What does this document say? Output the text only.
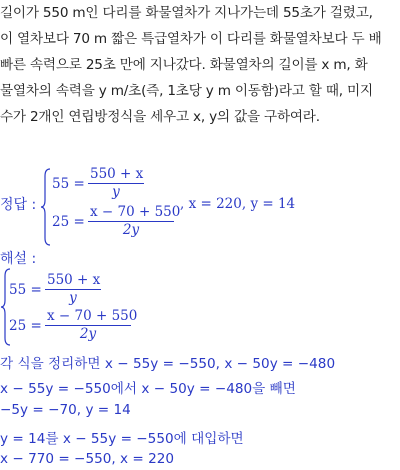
길이가 550 m인 다리를 화물열차가 지나가는데 55초가 걸렸고,
이 열차보다 70 m 짧은 특급열차가 이 다리를 화물열차보다 두 배
빠른 속력으로 25초 만에 지나갔다. 화물열차의 길이를 x m, 화
물열차의 속력을 y m/초(즉, 1초당 y m 이동함)라고 할 때, 미지
수가 2개인 연립방정식을 세우고 x, y의 값을 구하여라.
정답 :
$55 = \frac{550 + x}{y}$
$25 = \frac{x - 70 + 550}{2y}$ , x = 220, y = 14
해설 :
$55 = \frac{550 + x}{y}$
$25 = \frac{x - 70 + 550}{2y}$
각 식을 정리하면 x − 55y = −550, x − 50y = −480
x − 55y = −550에서 x − 50y = −480을 빼면
−5y = −70, y = 14
y = 14를 x − 55y = −550에 대입하면
x − 770 = −550, x = 220
